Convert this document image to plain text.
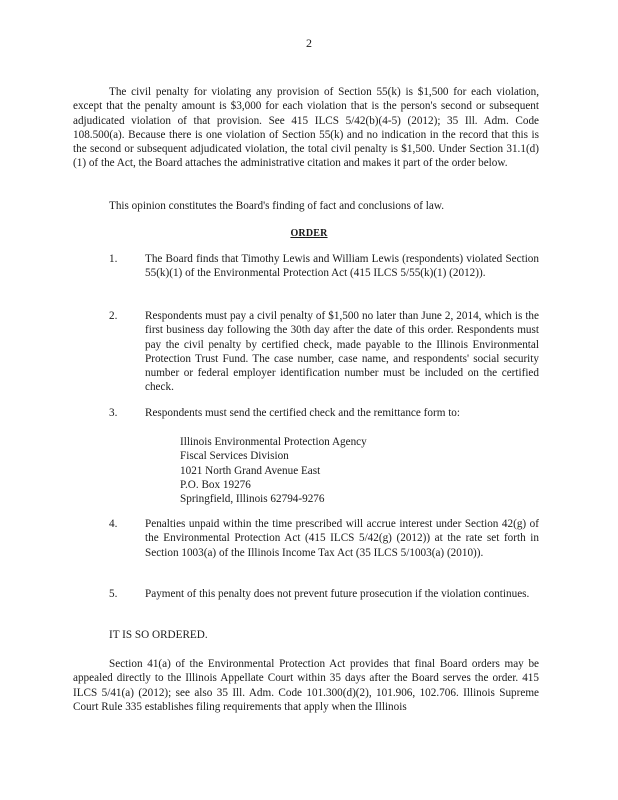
2

The civil penalty for violating any provision of Section 55(k) is $1,500 for each violation, except that the penalty amount is $3,000 for each violation that is the person's second or subsequent adjudicated violation of that provision. See 415 ILCS 5/42(b)(4-5) (2012); 35 Ill. Adm. Code 108.500(a). Because there is one violation of Section 55(k) and no indication in the record that this is the second or subsequent adjudicated violation, the total civil penalty is $1,500. Under Section 31.1(d)(1) of the Act, the Board attaches the administrative citation and makes it part of the order below.

This opinion constitutes the Board's finding of fact and conclusions of law.

ORDER
1.	The Board finds that Timothy Lewis and William Lewis (respondents) violated Section 55(k)(1) of the Environmental Protection Act (415 ILCS 5/55(k)(1) (2012)).
2.	Respondents must pay a civil penalty of $1,500 no later than June 2, 2014, which is the first business day following the 30th day after the date of this order. Respondents must pay the civil penalty by certified check, made payable to the Illinois Environmental Protection Trust Fund. The case number, case name, and respondents' social security number or federal employer identification number must be included on the certified check.
3.	Respondents must send the certified check and the remittance form to:
Illinois Environmental Protection Agency
Fiscal Services Division
1021 North Grand Avenue East
P.O. Box 19276
Springfield, Illinois 62794-9276
4.	Penalties unpaid within the time prescribed will accrue interest under Section 42(g) of the Environmental Protection Act (415 ILCS 5/42(g) (2012)) at the rate set forth in Section 1003(a) of the Illinois Income Tax Act (35 ILCS 5/1003(a) (2010)).
5.	Payment of this penalty does not prevent future prosecution if the violation continues.
IT IS SO ORDERED.

Section 41(a) of the Environmental Protection Act provides that final Board orders may be appealed directly to the Illinois Appellate Court within 35 days after the Board serves the order. 415 ILCS 5/41(a) (2012); see also 35 Ill. Adm. Code 101.300(d)(2), 101.906, 102.706. Illinois Supreme Court Rule 335 establishes filing requirements that apply when the Illinois
